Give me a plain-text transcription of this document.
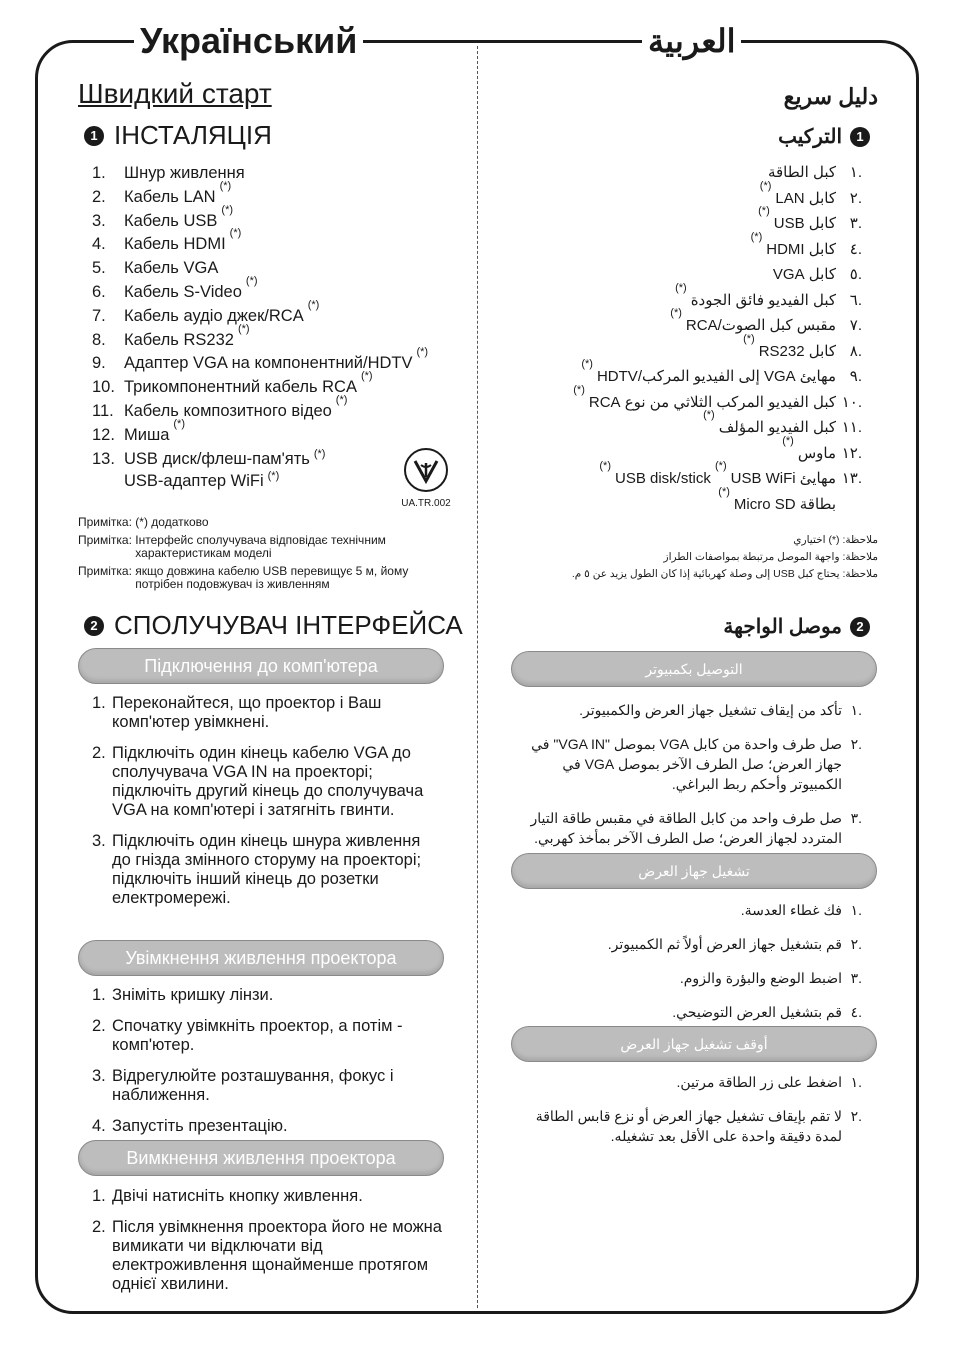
Український	العربية
Швидкий старт
1 ІНСТАЛЯЦІЯ
1.	Шнур живлення
2.	Кабель LAN
(*)
3.	Кабель USB
(*)
4.	Кабель HDMI
(*)
5.	Кабель VGA
6.	Кабель S-Video
(*)
7.	Кабель аудіо джек/RCA
(*)
8.	Кабель RS232
(*)
9.	Адаптер VGA на компонентний/HDTV
(*)
10. Трикомпонентний кабель RCA
(*)
11. Кабель композитного відео
(*)
12. Миша
(*)
13. USB диск/флеш-пам'ять (*)
USB-адаптер WiFi (*)
UA.TR.002
Примітка:
(*)
додатково
Примітка:
Інтерфейс сполучувача відповідає технічним характеристикам моделі
Примітка:
якщо довжина кабелю USB перевищує 5 м, йому потрібен подовжувач із живленням
2 СПОЛУЧУВАЧ ІНТЕРФЕЙСА
Підключення до комп'ютера
1. Переконайтеся, що проектор і Ваш комп'ютер увімкнені.
2. Підключіть один кінець кабелю VGA до сполучувача VGA IN на проекторі; підключіть другий кінець до сполучувача VGA на комп'ютері і затягніть гвинти.
3. Підключіть один кінець шнура живлення до гнізда змінного сторуму на проекторі; підключіть інший кінець до розетки електромережі.
Увімкнення живлення проектора
1. Зніміть кришку лінзи.
2. Спочатку увімкніть проектор, а потім - комп'ютер.
3. Відрегулюйте розташування, фокус і наближення.
4. Запустіть презентацію.
Вимкнення живлення проектора
1. Двічі натисніть кнопку живлення.
2. Після увімкнення проектора його не можна вимикати чи відключати від електроживлення щонайменше протягом однієї хвилини.
دليل سريع
1
التركيب
.١
كبل الطاقة
.٢
كابل LAN
(*)
.٣
كابل USB
(*)
.٤
كابل HDMI
(*)
.٥
كابل VGA
.٦
كبل الفيديو فائق الجودة
(*)
.٧
مقبس كبل الصوت/RCA
(*)
.٨
كابل RS232
(*)
.٩
مهايئ VGA إلى الفيديو المركب/HDTV
(*)
.١٠
كبل الفيديو المركب الثلاثي من نوع RCA
(*)
.١١
كبل الفيديو المؤلف
(*)
.١٢
ماوس
(*)
.١٣
مهايئ USB WiFi
(*)

USB disk/stick
(*)
بطاقة Micro SD
(*)
ملاحظة:

(*)

اختياري
ملاحظة:

واجهة الموصل مرتبطة بمواصفات الطراز
ملاحظة:

يحتاج كبل USB إلى وصلة كهربائية إذا كان الطول يزيد عن ٥ م.
2
موصل الواجهة
التوصيل بكمبيوتر
.١
تأكد من إيقاف تشغيل جهاز العرض والكمبيوتر.
.٢
صل طرف واحدة من كابل VGA بموصل "VGA IN" في جهاز العرض؛ صل الطرف الآخر بموصل VGA في الكمبيوتر وأحكم ربط البراغي.
.٣
صل طرف واحد من كابل الطاقة في مقبس طاقة التيار المتردد لجهاز العرض؛ صل الطرف الآخر بمأخذ كهربي.
تشغيل جهاز العرض
.١
فك غطاء العدسة.
.٢
قم بتشغيل جهاز العرض أولاً ثم الكمبيوتر.
.٣
اضبط الوضع والبؤرة والزوم.
.٤
قم بتشغيل العرض التوضيحي.
أوقف تشغيل جهاز العرض
.١
اضغط على زر الطاقة مرتين.
.٢
لا تقم بإيقاف تشغيل جهاز العرض أو نزع قابس الطاقة لمدة دقيقة واحدة على الأقل بعد تشغيله.
